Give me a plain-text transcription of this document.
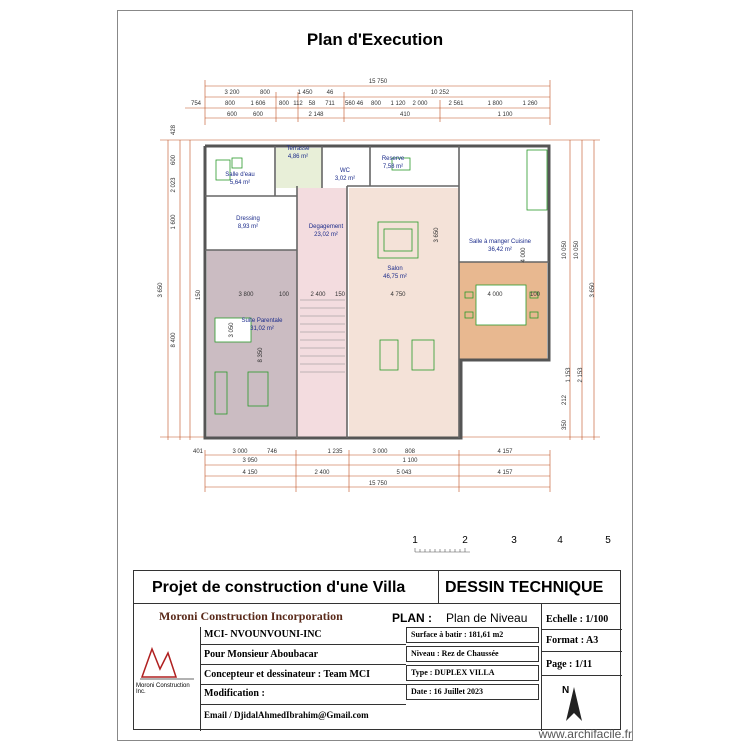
Plan d'Execution
15 750
3 200	800	1 450 46	10 252
754	800	1 606 800 112 58 711 560 46 800 1 120 2 000	2 561	1 800	1 260
600	600	2 148	410	1 100
401	3 000	746	1 235	3 000	808	4 157
3 950	1 100
4 150	2 400	5 043	4 157
15 750
428
600
2 023
1 600
3 650
8 400
150
10 050 10 050
3 650
1 153 2 153
212
350
3 800	100	2 400	4 750	4 000	100
150
3 650
4 000
8 350
3 050
Salle d'eau
5,64 m²
Terrasse
4,86 m²
WC
3,02 m²
Reserve
7,58 m²
Dressing
8,93 m²	Degagement
23,02 m²
Salle à manger Cuisine
36,42 m²
Salon
46,75 m²
Suite Parentale
31,02 m²
1	2	3	4	5
Projet de construction d'une Villa	DESSIN TECHNIQUE
Moroni Construction Incorporation
Moroni Construction Inc.
MCI- NVOUNVOUNI-INC
Pour Monsieur Aboubacar
Concepteur et dessinateur : Team MCI
Modification :
Email / DjidalAhmedIbrahim@Gmail.com
PLAN : Plan de Niveau
Surface à batir : 181,61 m2
Niveau : Rez de Chaussée
Type : DUPLEX VILLA
Date : 16 Juillet 2023
Echelle : 1/100
Format : A3
Page : 1/11
N
www.archifacile.fr
